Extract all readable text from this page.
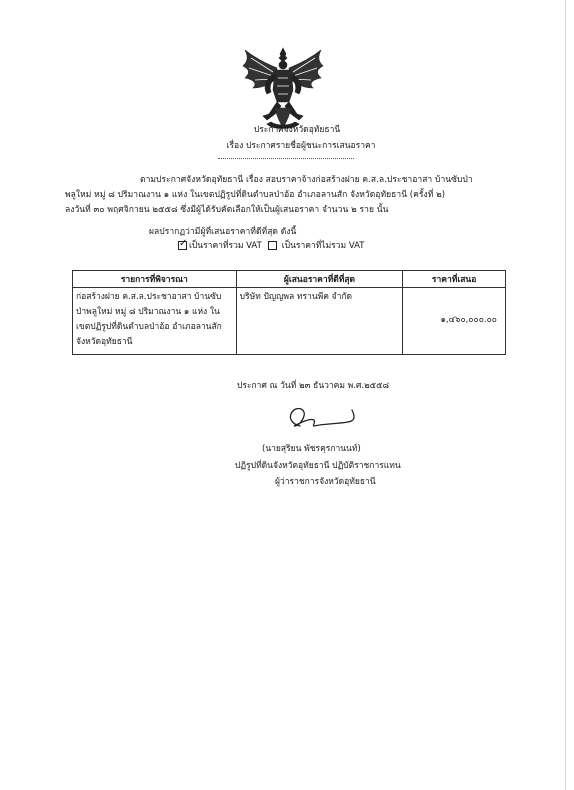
ประกาศจังหวัดอุทัยธานี
เรื่อง ประกาศรายชื่อผู้ชนะการเสนอราคา
ตามประกาศจังหวัดอุทัยธานี เรื่อง สอบราคาจ้างก่อสร้างฝาย ค.ส.ล.ประชาอาสา บ้านซับป่า
พลูใหม่ หมู่ ๘ ปริมาณงาน ๑ แห่ง ในเขตปฏิรูปที่ดินตำบลป่าอ้อ อำเภอลานสัก จังหวัดอุทัยธานี (ครั้งที่ ๒)
ลงวันที่ ๓๐ พฤศจิกายน ๒๕๕๘ ซึ่งมีผู้ได้รับคัดเลือกให้เป็นผู้เสนอราคา จำนวน ๒ ราย นั้น
ผลปรากฏว่ามีผู้ที่เสนอราคาที่ดีที่สุด ดังนี้
✓ เป็นราคาที่รวม VAT เป็นราคาที่ไม่รวม VAT
รายการที่พิจารณา	ผู้เสนอราคาที่ดีที่สุด	ราคาที่เสนอ
ก่อสร้างฝาย ค.ส.ล.ประชาอาสา บ้านซับ
ป่าพลูใหม่ หมู่ ๘ ปริมาณงาน ๑ แห่ง ใน
เขตปฏิรูปที่ดินตำบลป่าอ้อ อำเภอลานสัก
จังหวัดอุทัยธานี	บริษัท ปัญญพล ทรานพีค จำกัด	๑,๔๖๐,๐๐๐.๐๐
ประกาศ ณ วันที่ ๒๓ ธันวาคม พ.ศ.๒๕๕๘
(นายสุริยน พัชรคุรกานนท์)
ปฏิรูปที่ดินจังหวัดอุทัยธานี ปฏิบัติราชการแทน
ผู้ว่าราชการจังหวัดอุทัยธานี
